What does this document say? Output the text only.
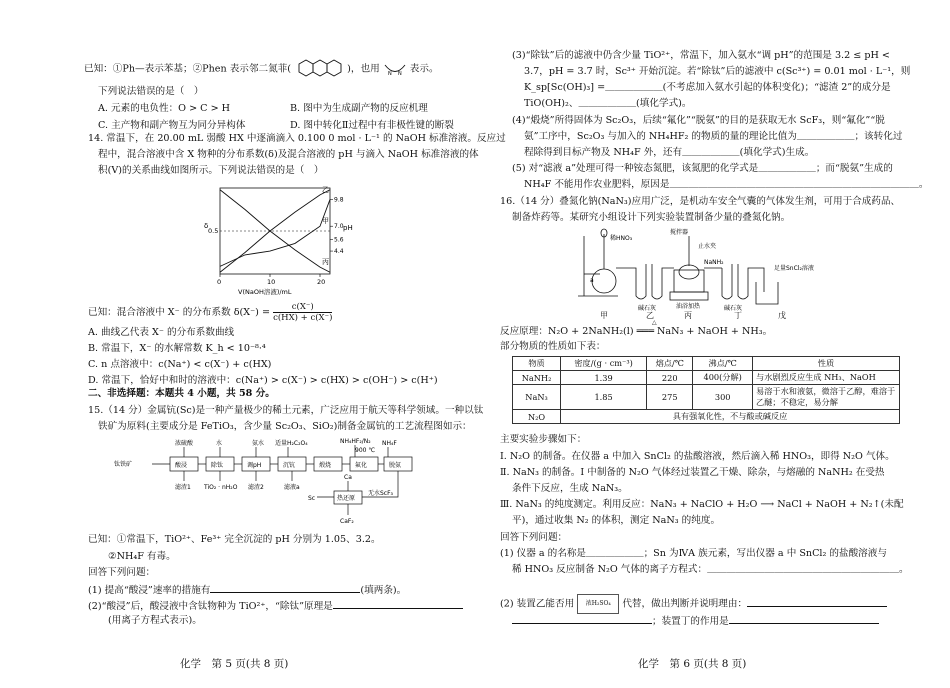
已知：①Ph—表示苯基；②Phen 表示邻二氮菲(	)，也用 N N 表示。
下列说法错误的是（　）
A. 元素的电负性：O > C > H	B. 图中为生成副产物的反应机理
C. 主产物和副产物互为同分异构体	D. 图中转化Ⅱ过程中有非极性键的断裂
14. 常温下，在 20.00 mL 弱酸 HX 中逐滴滴入 0.100 0 mol · L⁻¹ 的 NaOH 标准溶液。反应过
程中，混合溶液中含 X 物种的分布系数(δ)及混合溶液的 pH 与滴入 NaOH 标准溶液的体
积(V)的关系曲线如图所示。下列说法错误的是（　）
δ	pH
V(NaOH溶液)/mL
甲
乙
丙
0	10	20
0.5
9.8
7.0
5.6
4.4
已知：混合溶液中 X⁻ 的分布系数 $\delta(X^-) = \frac{c(X^-)}{c(HX) + c(X^-)}$
A. 曲线乙代表 X⁻ 的分布系数曲线
B. 常温下，X⁻ 的水解常数 K_h < 10⁻⁸·⁴
C. n 点溶液中：c(Na⁺) < c(X⁻) + c(HX)
D. 常温下，恰好中和时的溶液中：c(Na⁺) > c(X⁻) > c(HX) > c(OH⁻) > c(H⁺)
二、非选择题：本题共 4 小题，共 58 分。
15.（14 分）金属钪(Sc)是一种产量极少的稀土元素，广泛应用于航天等科学领域。一种以钛
铁矿为原料(主要成分是 FeTiO₃，含少量 Sc₂O₃、SiO₂)制备金属钪的工艺流程图如示：
浓硫酸	水	氨水 适量H₂C₂O₄	NH₄HF₂/N₂ NH₄F
900 ℃
钛铁矿	酸浸	除钛	调pH	沉钪	煅烧	氟化	脱氨
滤渣1 TiO₂ · nH₂O 滤渣2	滤液a
Ca
热还原
无水ScF₃
Sc
CaF₂
已知：①常温下，TiO²⁺、Fe³⁺ 完全沉淀的 pH 分别为 1.05、3.2。
②NH₄F 有毒。
回答下列问题：
(1) 提高“酸浸”速率的措施有	(填两条)。
(2)“酸浸”后，酸浸液中含钛物种为 TiO²⁺，“除钛”原理是
(用离子方程式表示)。
化学　第 5 页(共 8 页)
(3)“除钛”后的滤液中仍含少量 TiO²⁺，常温下，加入氨水“调 pH”的范围是 3.2 ≤ pH <
3.7，pH = 3.7 时，Sc³⁺ 开始沉淀。若“除钛”后的滤液中 c(Sc³⁺) = 0.01 mol · L⁻¹，则
K_sp[Sc(OH)₃] =＿＿＿＿＿＿(不考虑加入氨水引起的体积变化)；“滤渣 2”的成分是
TiO(OH)₂、＿＿＿＿＿＿(填化学式)。
(4)“煅烧”所得固体为 Sc₂O₃，后续“氟化”“脱氨”的目的是获取无水 ScF₃，则“氟化”“脱
氨”工序中，Sc₂O₃ 与加入的 NH₄HF₂ 的物质的量的理论比值为＿＿＿＿＿＿；该转化过
程除得到目标产物及 NH₄F 外，还有＿＿＿＿＿＿(填化学式)生成。
(5) 对“滤液 a”处理可得一种铵态氮肥，该氮肥的化学式是＿＿＿＿＿＿；而“脱氨”生成的
NH₄F 不能用作农业肥料，原因是＿＿＿＿＿＿＿＿＿＿＿＿＿＿＿＿＿＿＿＿＿＿＿＿＿＿。
16.（14 分）叠氮化钠(NaN₃)应用广泛，是机动车安全气囊的气体发生剂，可用于合成药品、
制备炸药等。某研究小组设计下列实验装置制备少量的叠氮化钠。
稀HNO₃
搅拌器
止水夹
NaNH₂
碱石灰	油浴加热	碱石灰
足量SnCl₂溶液
a
甲	乙	丙	丁	戊
△
反应原理：N₂O + 2NaNH₂(l) ═══ NaN₃ + NaOH + NH₃。
部分物质的性质如下表：
物质	密度/(g · cm⁻³)	熔点/℃	沸点/℃	性质
NaNH₂	1.39	220	400(分解)	与水剧烈反应生成 NH₃、NaOH
NaN₃	1.85	275	300	易溶于水和液氨，微溶于乙醇，难溶于乙醚；不稳定，易分解
N₂O	具有强氧化性，不与酸或碱反应			
主要实验步骤如下：
Ⅰ. N₂O 的制备。在仪器 a 中加入 SnCl₂ 的盐酸溶液，然后滴入稀 HNO₃，即得 N₂O 气体。
Ⅱ. NaN₃ 的制备。Ⅰ 中制备的 N₂O 气体经过装置乙干燥、除杂，与熔融的 NaNH₂ 在受热
条件下反应，生成 NaN₃。
Ⅲ. NaN₃ 的纯度测定。利用反应：NaN₃ + NaClO + H₂O ⟶ NaCl + NaOH + N₂↑(未配
平)，通过收集 N₂ 的体积，测定 NaN₃ 的纯度。
回答下列问题：
(1) 仪器 a 的名称是＿＿＿＿＿＿；Sn 为ⅣA 族元素，写出仪器 a 中 SnCl₂ 的盐酸溶液与
稀 HNO₃ 反应制备 N₂O 气体的离子方程式：＿＿＿＿＿＿＿＿＿＿＿＿＿＿＿＿＿＿＿＿。
(2) 装置乙能否用 浓H₂SO₄ 代替，做出判断并说明理由：
；装置丁的作用是
化学　第 6 页(共 8 页)
